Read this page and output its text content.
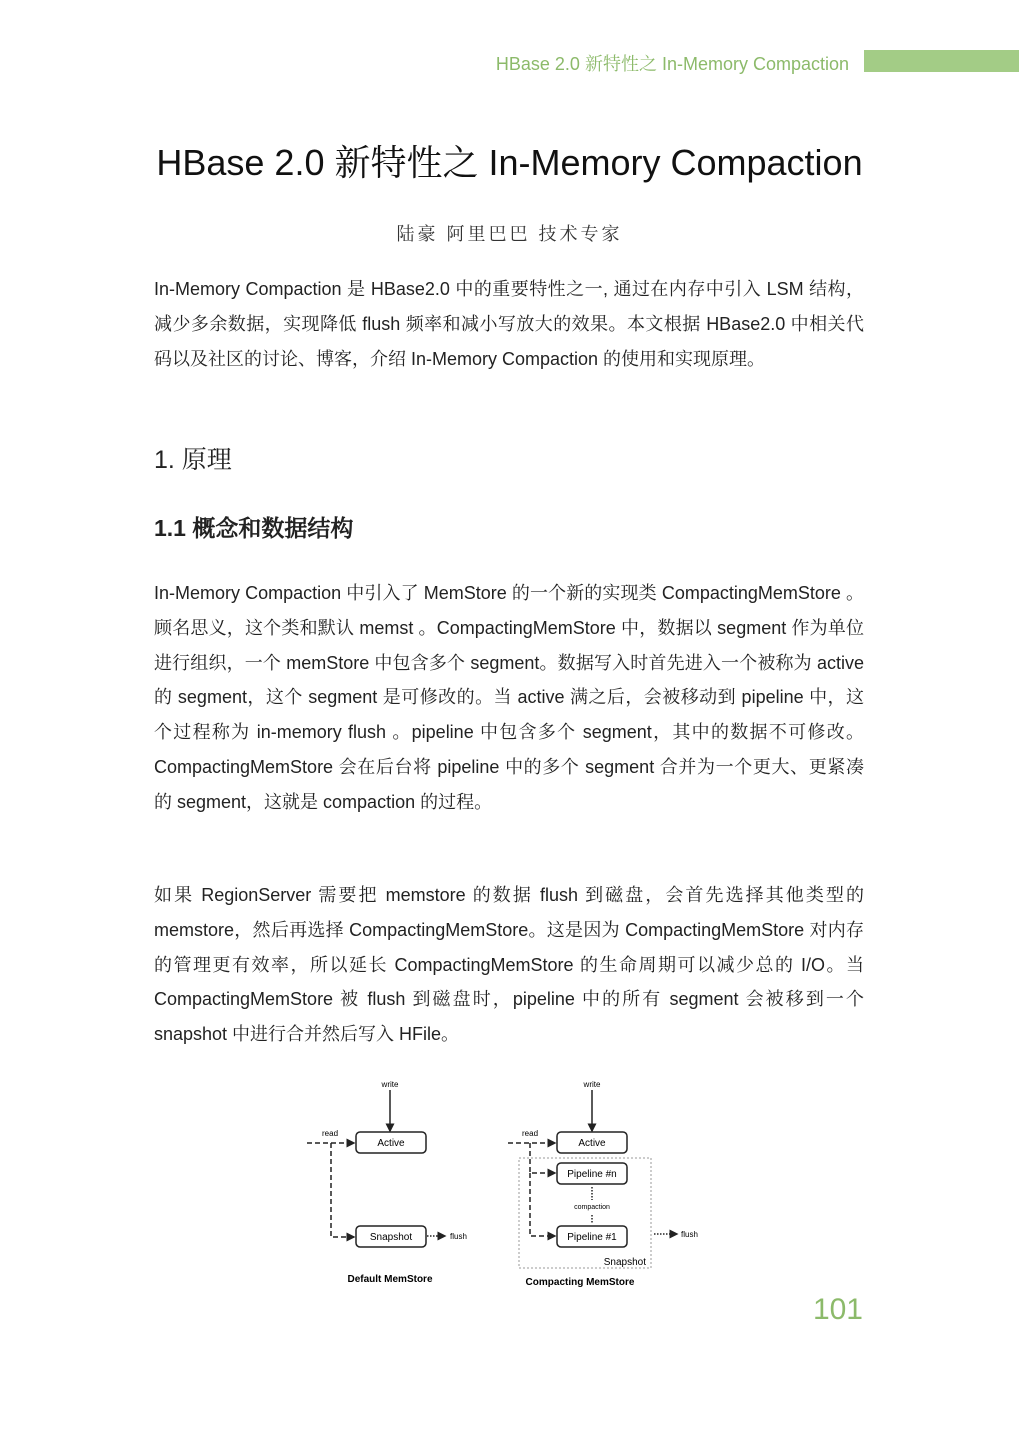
HBase 2.0 新特性之 In-Memory Compaction
HBase 2.0 新特性之 In-Memory Compaction
陆豪 阿里巴巴 技术专家
In-Memory Compaction 是 HBase2.0 中的重要特性之一, 通过在内存中引入 LSM 结构，减少多余数据，实现降低 flush 频率和减小写放大的效果。本文根据 HBase2.0 中相关代码以及社区的讨论、博客，介绍 In-Memory Compaction 的使用和实现原理。
1. 原理
1.1 概念和数据结构
In-Memory Compaction 中引入了 MemStore 的一个新的实现类 CompactingMemStore 。顾名思义，这个类和默认 memst 。CompactingMemStore 中，数据以 segment 作为单位进行组织，一个 memStore 中包含多个 segment。数据写入时首先进入一个被称为 active 的 segment，这个 segment 是可修改的。当 active 满之后，会被移动到 pipeline 中，这个过程称为 in-memory flush 。pipeline 中包含多个 segment，其中的数据不可修改。CompactingMemStore 会在后台将 pipeline 中的多个 segment 合并为一个更大、更紧凑的 segment，这就是 compaction 的过程。
如果 RegionServer 需要把 memstore 的数据 flush 到磁盘，会首先选择其他类型的 memstore，然后再选择 CompactingMemStore。这是因为 CompactingMemStore 对内存的管理更有效率，所以延长 CompactingMemStore 的生命周期可以减少总的 I/O。当 CompactingMemStore 被 flush 到磁盘时，pipeline 中的所有 segment 会被移到一个 snapshot 中进行合并然后写入 HFile。
write
read
Active
Snapshot	flush
Default MemStore
write
read
Active
Pipeline #n
compaction
Pipeline #1
Snapshot
flush
Compacting MemStore
101
